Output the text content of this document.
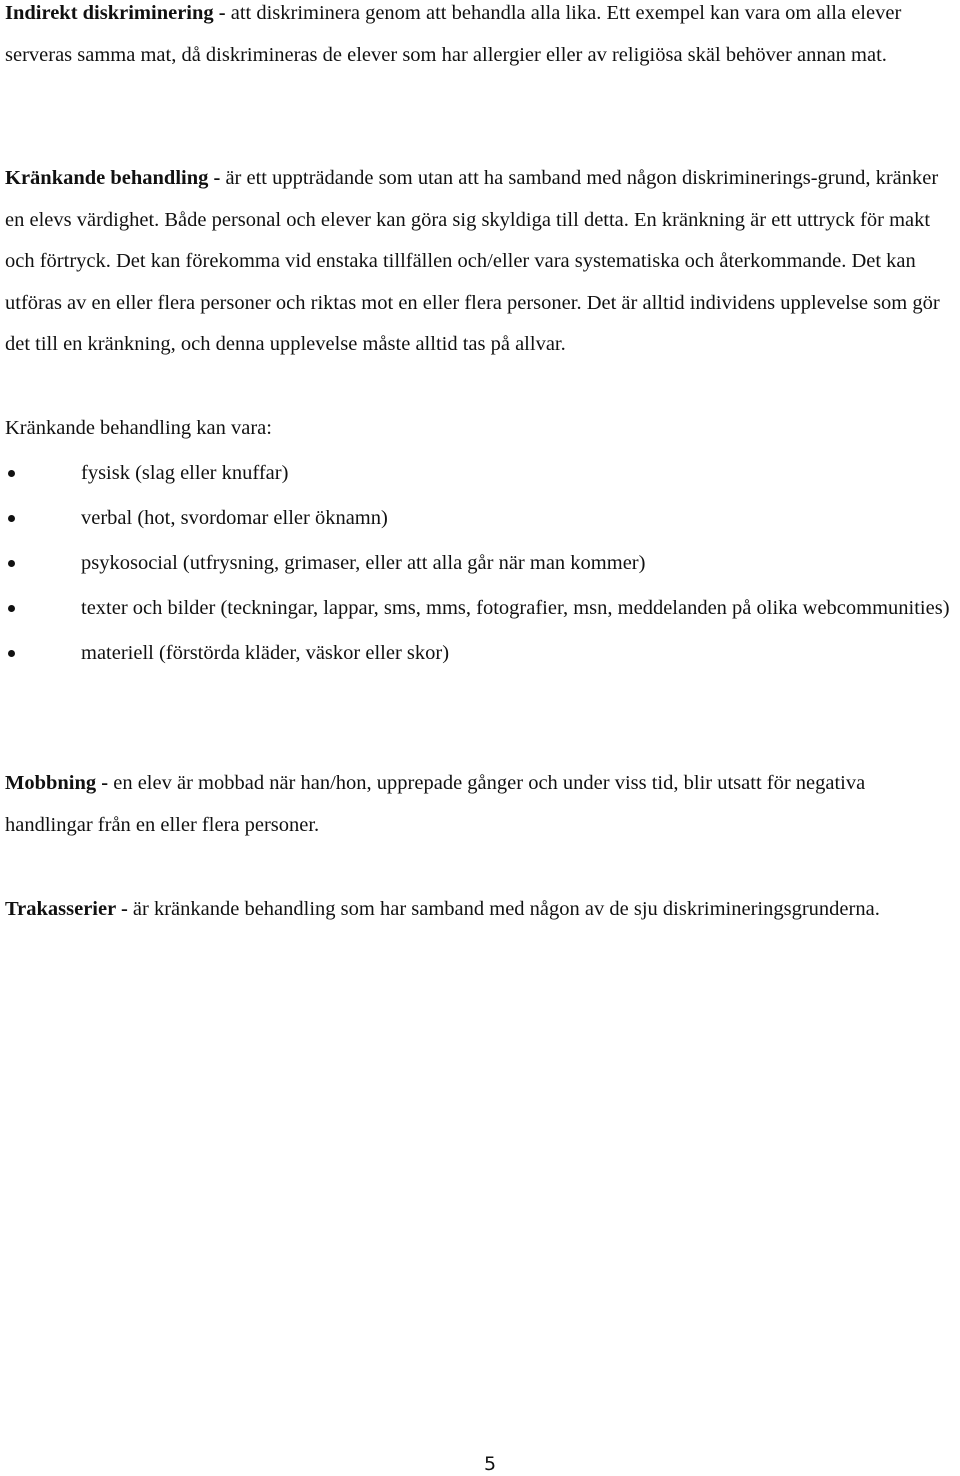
Indirekt diskriminering - att diskriminera genom att behandla alla lika. Ett exempel kan vara om alla elever serveras samma mat, då diskrimineras de elever som har allergier eller av religiösa skäl behöver annan mat.

Kränkande behandling - är ett uppträdande som utan att ha samband med någon diskriminerings-grund, kränker en elevs värdighet. Både personal och elever kan göra sig skyldiga till detta. En kränkning är ett uttryck för makt och förtryck. Det kan förekomma vid enstaka tillfällen och/eller vara systematiska och återkommande. Det kan utföras av en eller flera personer och riktas mot en eller flera personer. Det är alltid individens upplevelse som gör det till en kränkning, och denna upplevelse måste alltid tas på allvar.

Kränkande behandling kan vara:

fysisk (slag eller knuffar)
verbal (hot, svordomar eller öknamn)
psykosocial (utfrysning, grimaser, eller att alla går när man kommer)
texter och bilder (teckningar, lappar, sms, mms, fotografier, msn, meddelanden på olika webcommunities)
materiell (förstörda kläder, väskor eller skor)

Mobbning - en elev är mobbad när han/hon, upprepade gånger och under viss tid, blir utsatt för negativa handlingar från en eller flera personer.

Trakasserier - är kränkande behandling som har samband med någon av de sju diskrimineringsgrunderna.

5
